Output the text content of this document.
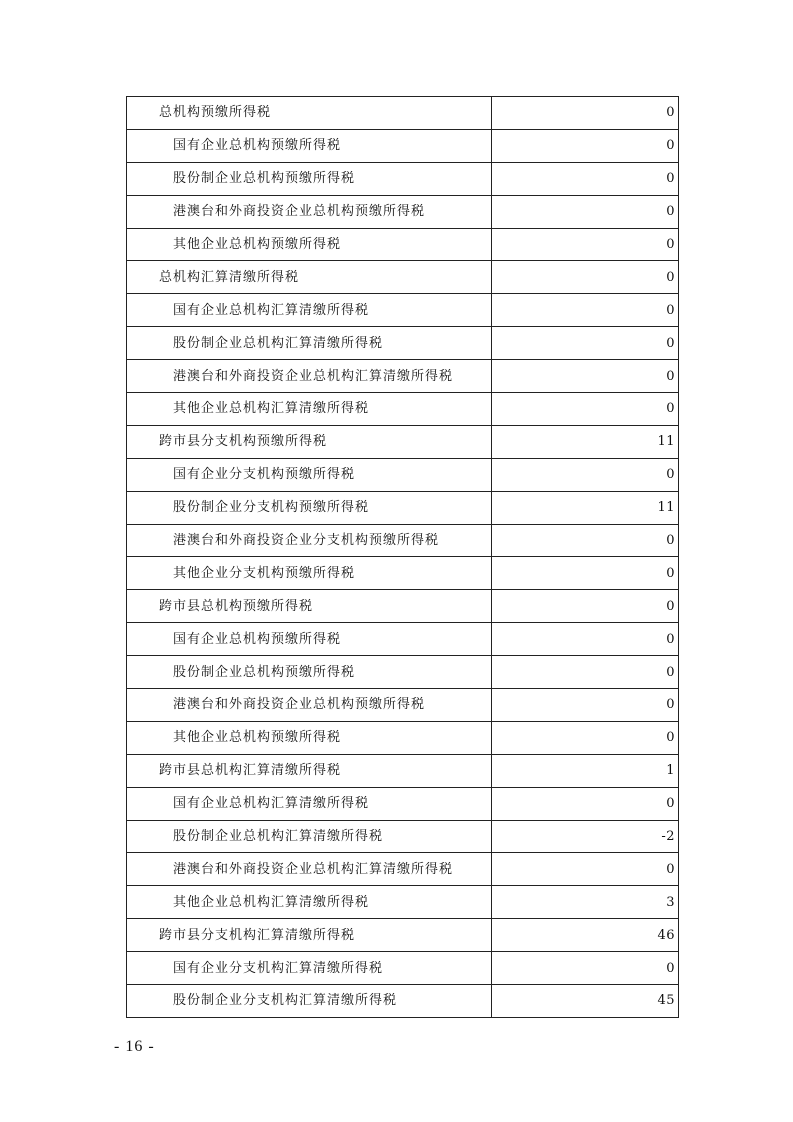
总机构预缴所得税	0
国有企业总机构预缴所得税	0
股份制企业总机构预缴所得税	0
港澳台和外商投资企业总机构预缴所得税	0
其他企业总机构预缴所得税	0
总机构汇算清缴所得税	0
国有企业总机构汇算清缴所得税	0
股份制企业总机构汇算清缴所得税	0
港澳台和外商投资企业总机构汇算清缴所得税	0
其他企业总机构汇算清缴所得税	0
跨市县分支机构预缴所得税	11
国有企业分支机构预缴所得税	0
股份制企业分支机构预缴所得税	11
港澳台和外商投资企业分支机构预缴所得税	0
其他企业分支机构预缴所得税	0
跨市县总机构预缴所得税	0
国有企业总机构预缴所得税	0
股份制企业总机构预缴所得税	0
港澳台和外商投资企业总机构预缴所得税	0
其他企业总机构预缴所得税	0
跨市县总机构汇算清缴所得税	1
国有企业总机构汇算清缴所得税	0
股份制企业总机构汇算清缴所得税	-2
港澳台和外商投资企业总机构汇算清缴所得税	0
其他企业总机构汇算清缴所得税	3
跨市县分支机构汇算清缴所得税	46
国有企业分支机构汇算清缴所得税	0
股份制企业分支机构汇算清缴所得税	45
- 16 -
